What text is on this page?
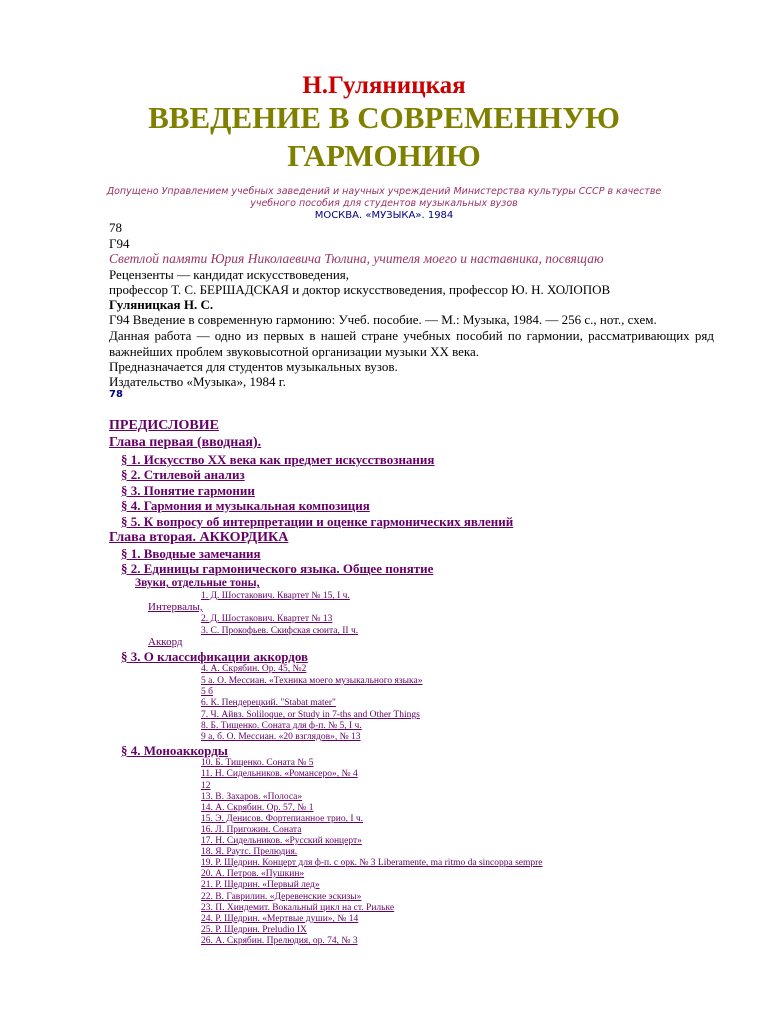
Н.Гуляницкая
ВВЕДЕНИЕ В СОВРЕМЕННУЮ
ГАРМОНИЮ
Допущено Управлением учебных заведений и научных учреждений Министерства культуры СССР в качестве учебного пособия для студентов музыкальных вузов
МОСКВА. «МУЗЫКА». 1984
78
Г94
Светлой памяти Юрия Николаевича Тюлина, учителя моего и наставника, посвящаю
Рецензенты — кандидат искусствоведения,
профессор Т. С. БЕРШАДСКАЯ и доктор искусствоведения, профессор Ю. Н. ХОЛОПОВ
Гуляницкая Н. С.
Г94 Введение в современную гармонию: Учеб. пособие. — М.: Музыка, 1984. — 256 с., нот., схем.
Данная работа — одно из первых в нашей стране учебных пособий по гармонии, рассматривающих ряд важнейших проблем звуковысотной организации музыки XX века.
Предназначается для студентов музыкальных вузов.
Издательство «Музыка», 1984 г.
78
ПРЕДИСЛОВИЕ
Глава первая (вводная).
§ 1. Искусство XX века как предмет искусствознания
§ 2. Стилевой анализ
§ 3. Понятие гармонии
§ 4. Гармония и музыкальная композиция
§ 5. К вопросу об интерпретации и оценке гармонических явлений
Глава вторая. АККОРДИКА
§ 1. Вводные замечания
§ 2. Единицы гармонического языка. Общее понятие
Звуки, отдельные тоны,
1. Д. Шостакович. Квартет № 15, I ч.
Интервалы,
2. Д. Шостакович. Квартет № 13
3. С. Прокофьев. Скифская сюита, II ч.
Аккорд
§ 3. О классификации аккордов
4. А. Скрябин. Ор. 45, №2
5 а. О. Мессиан. «Техника моего музыкального языка»
5 б
6. К. Пендерецкий. "Stabat mater"
7. Ч. Айвз. Soliloque, or Study in 7-ths and Other Things
8. Б. Тищенко. Соната для ф-п. № 5, I ч.
9 а, б. О. Мессиан. «20 взглядов», № 13
§ 4. Моноаккорды
10. Б. Тищенко. Соната № 5
11. Н. Сидельников. «Романсеро», № 4
12
13. В. Захаров. «Полоса»
14. А. Скрябин. Ор. 57, № 1
15. Э. Денисов. Фортепианное трио, I ч.
16. Л. Пригожин. Соната
17. Н. Сидельников. «Русский концерт»
18. Я. Раутс. Прелюдия.
19. Р. Щедрин. Концерт для ф-п. с орк. № 3 Liberamente, ma ritmo da sincoppa sempre
20. А. Петров. «Пушкин»
21. Р. Щедрин. «Первый лед»
22. В. Гаврилин. «Деревенские эскизы»
23. П. Хиндемит. Вокальный цикл на ст. Рильке
24. Р. Щедрин. «Мертвые души», № 14
25. Р. Щедрин. Preludio IX
26. А. Скрябин. Прелюдия, ор. 74, № 3
